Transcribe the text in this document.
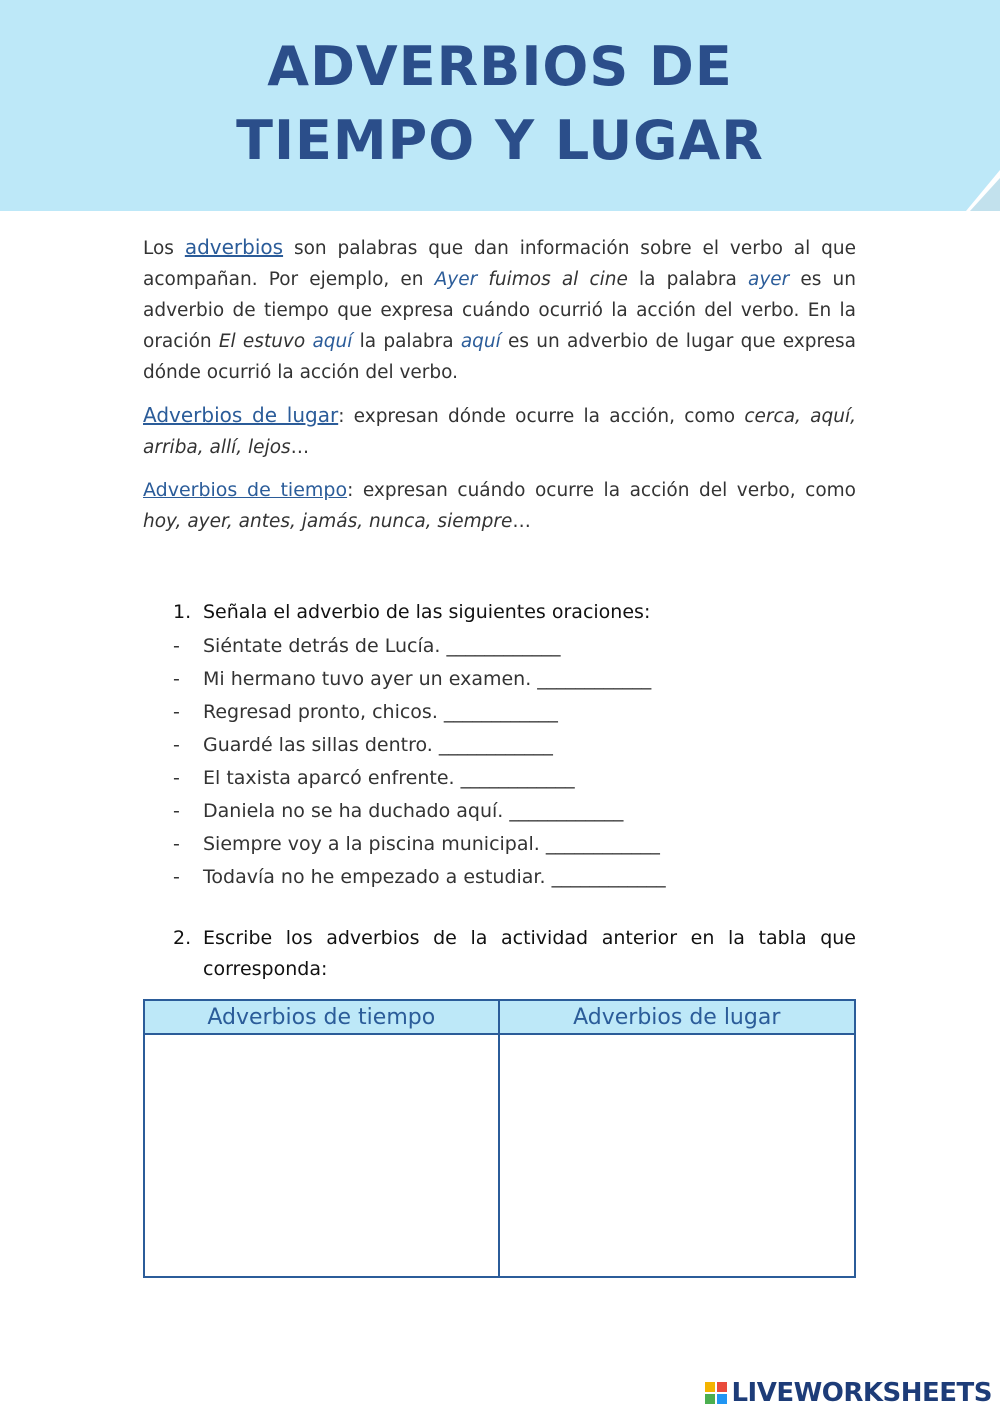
ADVERBIOS DE
TIEMPO Y LUGAR

Los adverbios son palabras que dan información sobre el verbo al que acompañan. Por ejemplo, en Ayer fuimos al cine la palabra ayer es un adverbio de tiempo que expresa cuándo ocurrió la acción del verbo. En la oración El estuvo aquí la palabra aquí es un adverbio de lugar que expresa dónde ocurrió la acción del verbo.

Adverbios de lugar: expresan dónde ocurre la acción, como cerca, aquí, arriba, allí, lejos…

Adverbios de tiempo: expresan cuándo ocurre la acción del verbo, como hoy, ayer, antes, jamás, nunca, siempre…

1. Señala el adverbio de las siguientes oraciones:
-	Siéntate detrás de Lucía. ____________
-	Mi hermano tuvo ayer un examen. ____________
-	Regresad pronto, chicos. ____________
-	Guardé las sillas dentro. ____________
-	El taxista aparcó enfrente. ____________
-	Daniela no se ha duchado aquí. ____________
-	Siempre voy a la piscina municipal. ____________
-	Todavía no he empezado a estudiar. ____________
2. Escribe los adverbios de la actividad anterior en la tabla que corresponda:
Adverbios de tiempo	Adverbios de lugar
LIVEWORKSHEETS
